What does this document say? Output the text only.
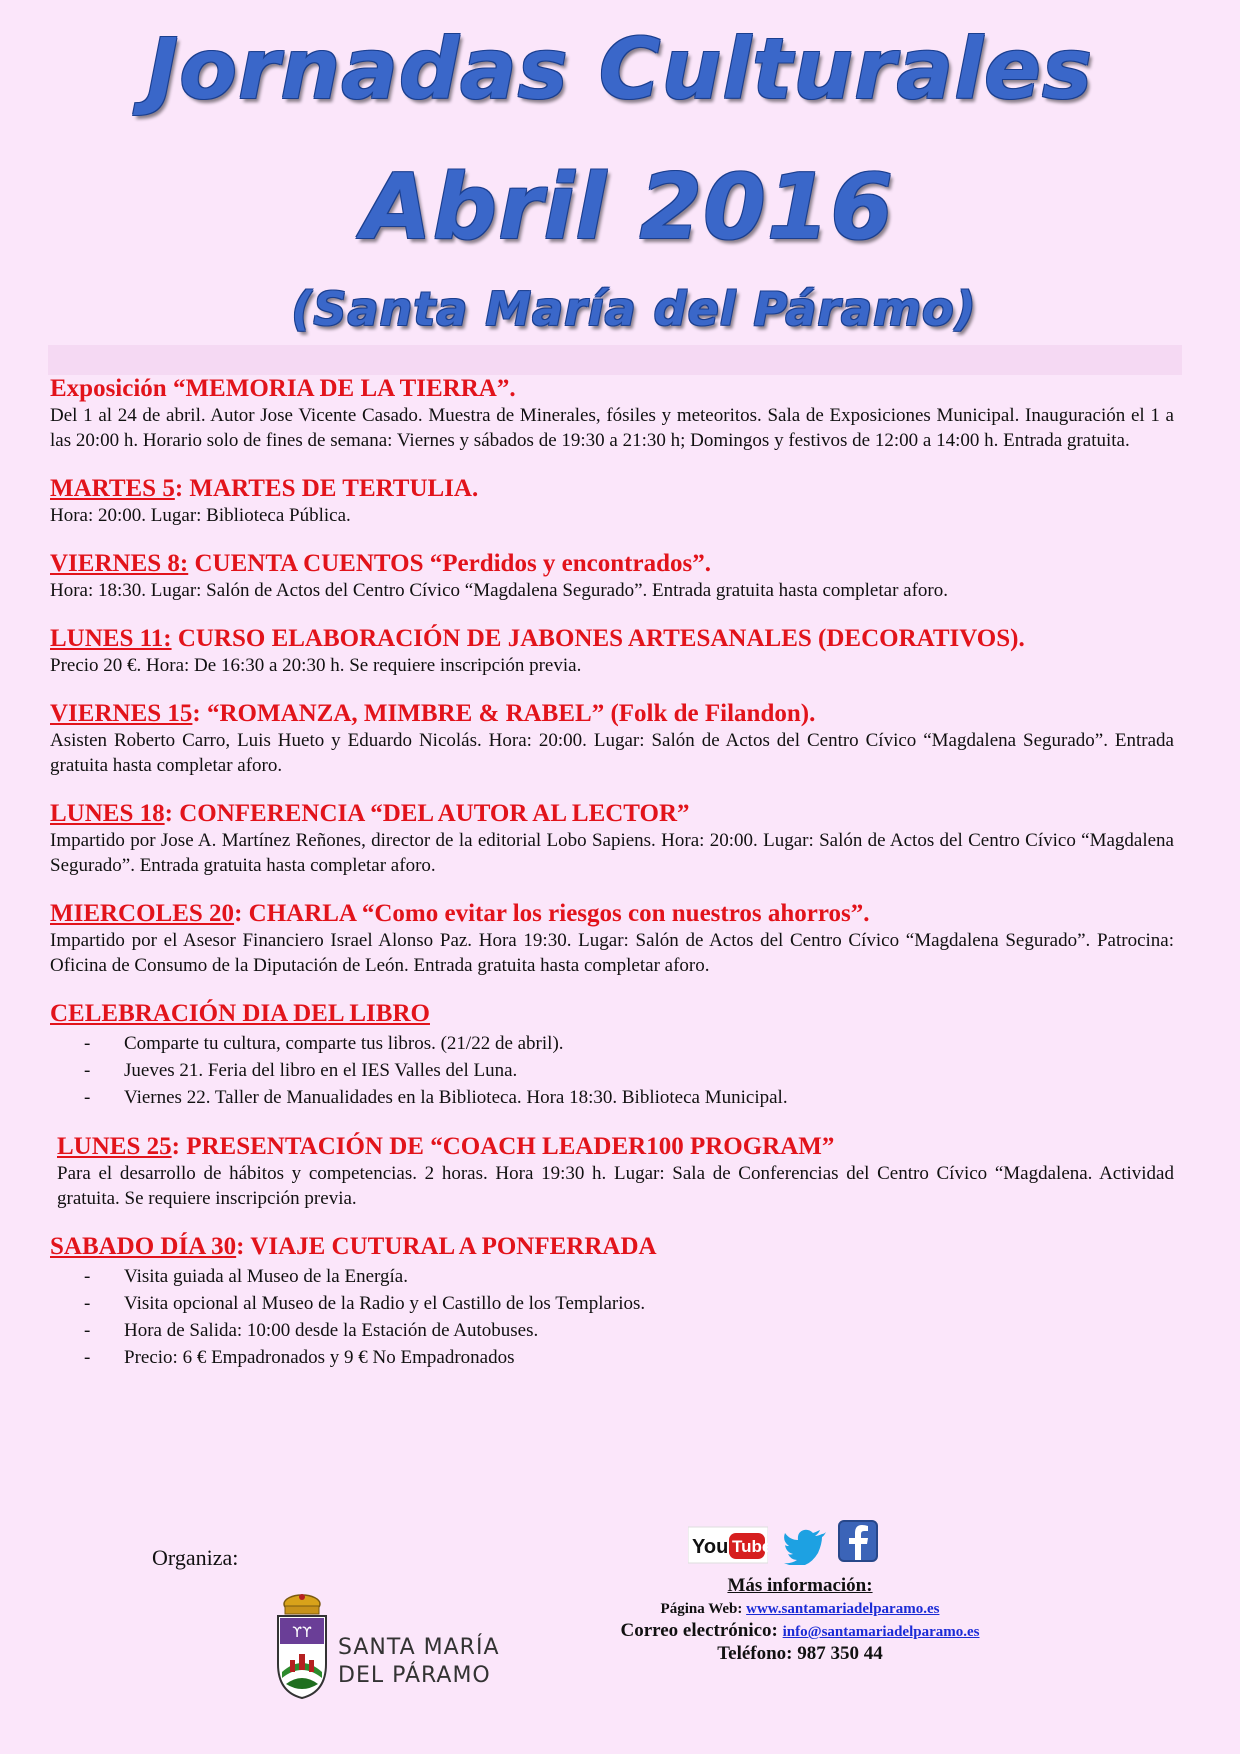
Jornadas Culturales
Abril 2016
(Santa María del Páramo)
Exposición “MEMORIA DE LA TIERRA”.
Del 1 al 24 de abril. Autor Jose Vicente Casado. Muestra de Minerales, fósiles y meteoritos. Sala de Exposiciones Municipal. Inauguración el 1 a las 20:00 h. Horario solo de fines de semana: Viernes y sábados de 19:30 a 21:30 h; Domingos y festivos de 12:00 a 14:00 h. Entrada gratuita.
MARTES 5: MARTES DE TERTULIA.
Hora: 20:00. Lugar: Biblioteca Pública.
VIERNES 8: CUENTA CUENTOS “Perdidos y encontrados”.
Hora: 18:30. Lugar: Salón de Actos del Centro Cívico “Magdalena Segurado”. Entrada gratuita hasta completar aforo.
LUNES 11: CURSO ELABORACIÓN DE JABONES ARTESANALES (DECORATIVOS).
Precio 20 €. Hora: De 16:30 a 20:30 h. Se requiere inscripción previa.
VIERNES 15: “ROMANZA, MIMBRE & RABEL” (Folk de Filandon).
Asisten Roberto Carro, Luis Hueto y Eduardo Nicolás. Hora: 20:00. Lugar: Salón de Actos del Centro Cívico “Magdalena Segurado”. Entrada gratuita hasta completar aforo.
LUNES 18: CONFERENCIA “DEL AUTOR AL LECTOR”
Impartido por Jose A. Martínez Reñones, director de la editorial Lobo Sapiens. Hora: 20:00. Lugar: Salón de Actos del Centro Cívico “Magdalena Segurado”. Entrada gratuita hasta completar aforo.
MIERCOLES 20: CHARLA “Como evitar los riesgos con nuestros ahorros”.
Impartido por el Asesor Financiero Israel Alonso Paz. Hora 19:30. Lugar: Salón de Actos del Centro Cívico “Magdalena Segurado”. Patrocina: Oficina de Consumo de la Diputación de León. Entrada gratuita hasta completar aforo.
CELEBRACIÓN DIA DEL LIBRO
- Comparte tu cultura, comparte tus libros. (21/22 de abril).
- Jueves 21. Feria del libro en el IES Valles del Luna.
- Viernes 22. Taller de Manualidades en la Biblioteca. Hora 18:30. Biblioteca Municipal.
LUNES 25: PRESENTACIÓN DE “COACH LEADER100 PROGRAM”
Para el desarrollo de hábitos y competencias. 2 horas. Hora 19:30 h. Lugar: Sala de Conferencias del Centro Cívico “Magdalena. Actividad gratuita. Se requiere inscripción previa.
SABADO DÍA 30: VIAJE CUTURAL A PONFERRADA
- Visita guiada al Museo de la Energía.
- Visita opcional al Museo de la Radio y el Castillo de los Templarios.
- Hora de Salida: 10:00 desde la Estación de Autobuses.
- Precio: 6 € Empadronados y 9 € No Empadronados
Organiza:
ϒϒ
SANTA MARÍA
DEL PÁRAMO
You Tube
Más información:
Página Web: www.santamariadelparamo.es
Correo electrónico: info@santamariadelparamo.es
Teléfono: 987 350 44
